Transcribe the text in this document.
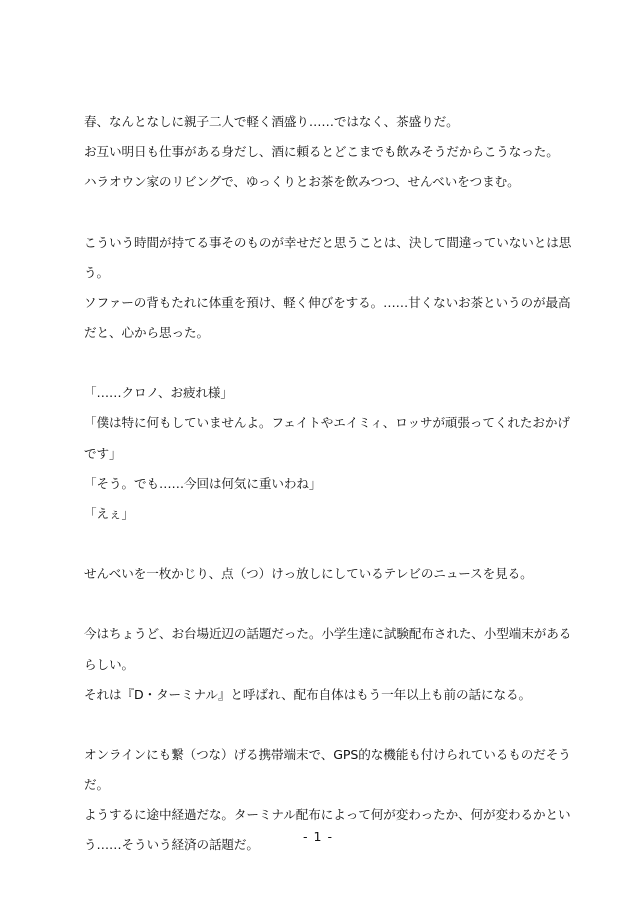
春、なんとなしに親子二人で軽く酒盛り……ではなく、茶盛りだ。
お互い明日も仕事がある身だし、酒に頼るとどこまでも飲みそうだからこうなった。
ハラオウン家のリビングで、ゆっくりとお茶を飲みつつ、せんべいをつまむ。
こういう時間が持てる事そのものが幸せだと思うことは、決して間違っていないとは思
う。
ソファーの背もたれに体重を預け、軽く伸びをする。……甘くないお茶というのが最高
だと、心から思った。
「……クロノ、お疲れ様」
「僕は特に何もしていませんよ。フェイトやエイミィ、ロッサが頑張ってくれたおかげ
です」
「そう。でも……今回は何気に重いわね」
「えぇ」
せんべいを一枚かじり、点（つ）けっ放しにしているテレビのニュースを見る。
今はちょうど、お台場近辺の話題だった。小学生達に試験配布された、小型端末がある
らしい。
それは『D・ターミナル』と呼ばれ、配布自体はもう一年以上も前の話になる。
オンラインにも繋（つな）げる携帯端末で、GPS的な機能も付けられているものだそう
だ。
ようするに途中経過だな。ターミナル配布によって何が変わったか、何が変わるかとい
う……そういう経済の話題だ。
- 1 -
